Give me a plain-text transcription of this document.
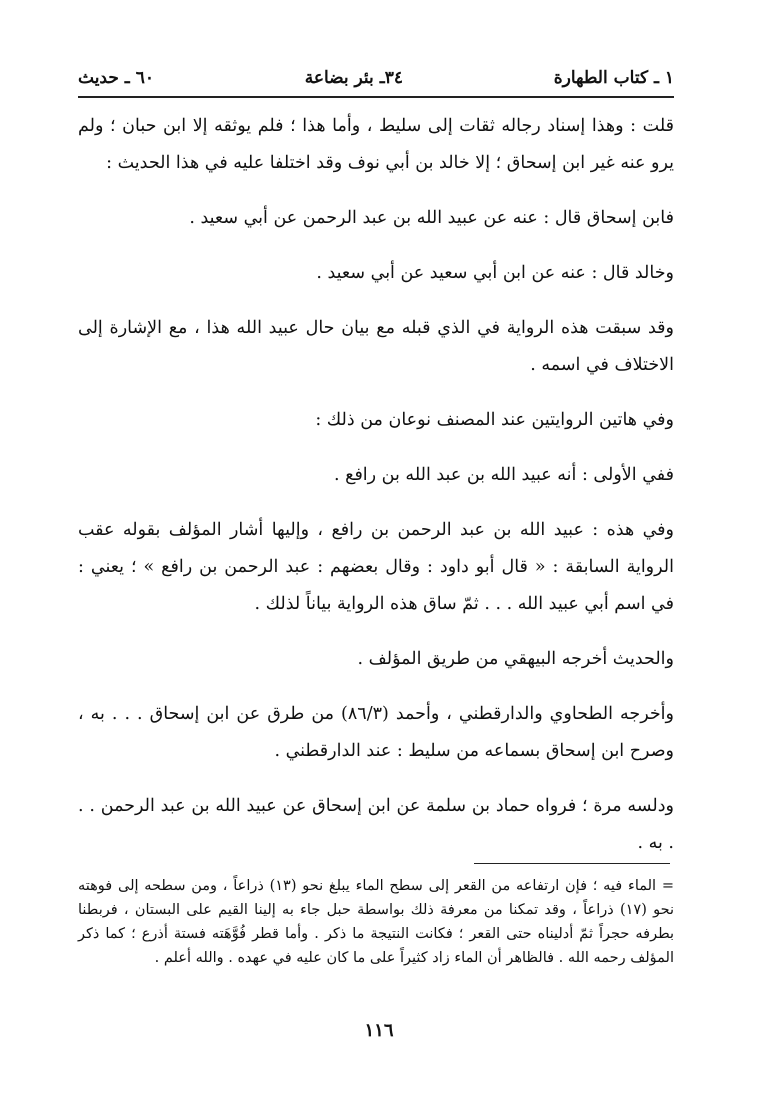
١ ـ كتاب الطهارة
٣٤ـ بئر بضاعة
٦٠ ـ حديث

قلت : وهذا إسناد رجاله ثقات إلى سليط ، وأما هذا ؛ فلم يوثقه إلا ابن حبان ؛ ولم يرو عنه غير ابن إسحاق ؛ إلا خالد بن أبي نوف وقد اختلفا عليه في هذا الحديث :

فابن إسحاق قال : عنه عن عبيد الله بن عبد الرحمن عن أبي سعيد .

وخالد قال : عنه عن ابن أبي سعيد عن أبي سعيد .

وقد سبقت هذه الرواية في الذي قبله مع بيان حال عبيد الله هذا ، مع الإشارة إلى الاختلاف في اسمه .

وفي هاتين الروايتين عند المصنف نوعان من ذلك :

ففي الأولى : أنه عبيد الله بن عبد الله بن رافع .

وفي هذه : عبيد الله بن عبد الرحمن بن رافع ، وإليها أشار المؤلف بقوله عقب الرواية السابقة : « قال أبو داود : وقال بعضهم : عبد الرحمن بن رافع » ؛ يعني : في اسم أبي عبيد الله . . . ثمّ ساق هذه الرواية بياناً لذلك .

والحديث أخرجه البيهقي من طريق المؤلف .

وأخرجه الطحاوي والدارقطني ، وأحمد (٨٦/٣) من طرق عن ابن إسحاق . . . به ، وصرح ابن إسحاق بسماعه من سليط : عند الدارقطني .

ودلسه مرة ؛ فرواه حماد بن سلمة عن ابن إسحاق عن عبيد الله بن عبد الرحمن . . . به .

= الماء فيه ؛ فإن ارتفاعه من القعر إلى سطح الماء يبلغ نحو (١٣) ذراعاً ، ومن سطحه إلى فوهته نحو (١٧) ذراعاً ، وقد تمكنا من معرفة ذلك بواسطة حبل جاء به إلينا القيم على البستان ، فربطنا بطرفه حجراً ثمّ أدليناه حتى القعر ؛ فكانت النتيجة ما ذكر . وأما قطر فُوَّهَته فستة أذرع ؛ كما ذكر المؤلف رحمه الله . فالظاهر أن الماء زاد كثيراً على ما كان عليه في عهده . والله أعلم .

١١٦
